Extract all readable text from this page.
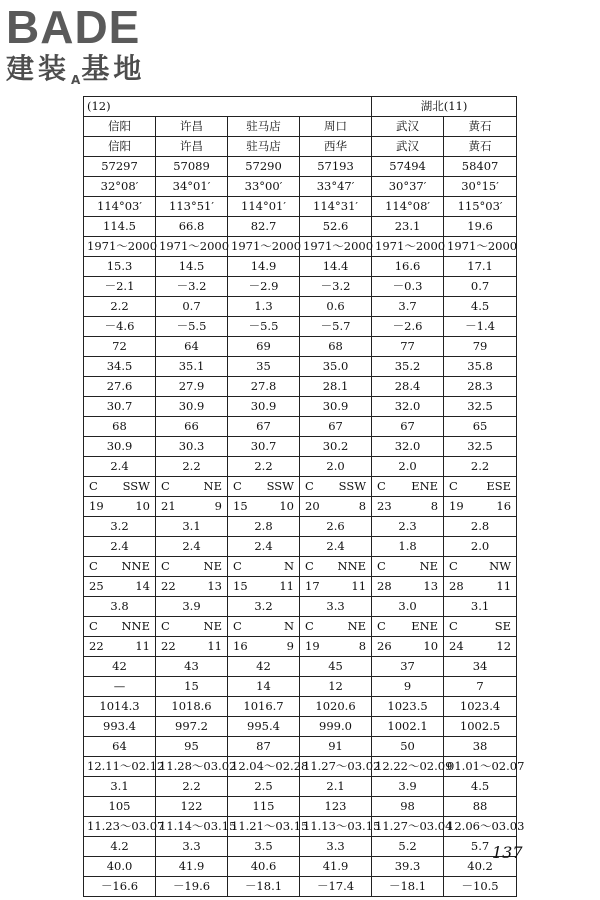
BADE
建装$_A$基地
(12)				湖北(11)	
信阳	许昌	驻马店	周口	武汉	黄石
信阳	许昌	驻马店	西华	武汉	黄石
57297	57089	57290	57193	57494	58407
32°08′	34°01′	33°00′	33°47′	30°37′	30°15′
114°03′	113°51′	114°01′	114°31′	114°08′	115°03′
114.5	66.8	82.7	52.6	23.1	19.6
1971～2000	1971～2000	1971～2000	1971～2000	1971～2000	1971～2000
15.3	14.5	14.9	14.4	16.6	17.1
－2.1	－3.2	－2.9	－3.2	－0.3	0.7
2.2	0.7	1.3	0.6	3.7	4.5
－4.6	－5.5	－5.5	－5.7	－2.6	－1.4
72	64	69	68	77	79
34.5	35.1	35	35.0	35.2	35.8
27.6	27.9	27.8	28.1	28.4	28.3
30.7	30.9	30.9	30.9	32.0	32.5
68	66	67	67	67	65
30.9	30.3	30.7	30.2	32.0	32.5
2.4	2.2	2.2	2.0	2.0	2.2

C SSW	C NE	C SSW	C SSW	C ENE	C ESE

19 10	21 9	15 10	20 8	23 8	19 16

3.2	3.1	2.8	2.6	2.3	2.8
2.4	2.4	2.4	2.4	1.8	2.0

C NNE	C NE	C N	C NNE	C NE	C NW

25 14	22 13	15 11	17 11	28 13	28 11

3.8	3.9	3.2	3.3	3.0	3.1

C NNE	C NE	C N	C NE	C ENE	C SE

22 11	22 11	16 9	19 8	26 10	24 12

42	43	42	45	37	34
—	15	14	12	9	7
1014.3	1018.6	1016.7	1020.6	1023.5	1023.4
993.4	997.2	995.4	999.0	1002.1	1002.5
64	95	87	91	50	38
12.11～02.12	11.28～03.02	12.04～02.28	11.27～03.02	12.22～02.09	01.01～02.07
3.1	2.2	2.5	2.1	3.9	4.5
105	122	115	123	98	88
11.23～03.07	11.14～03.15	11.21～03.15	11.13～03.15	11.27～03.04	12.06～03.03
4.2	3.3	3.5	3.3	5.2	5.7
40.0	41.9	40.6	41.9	39.3	40.2
－16.6	－19.6	－18.1	－17.4	－18.1	－10.5
137
